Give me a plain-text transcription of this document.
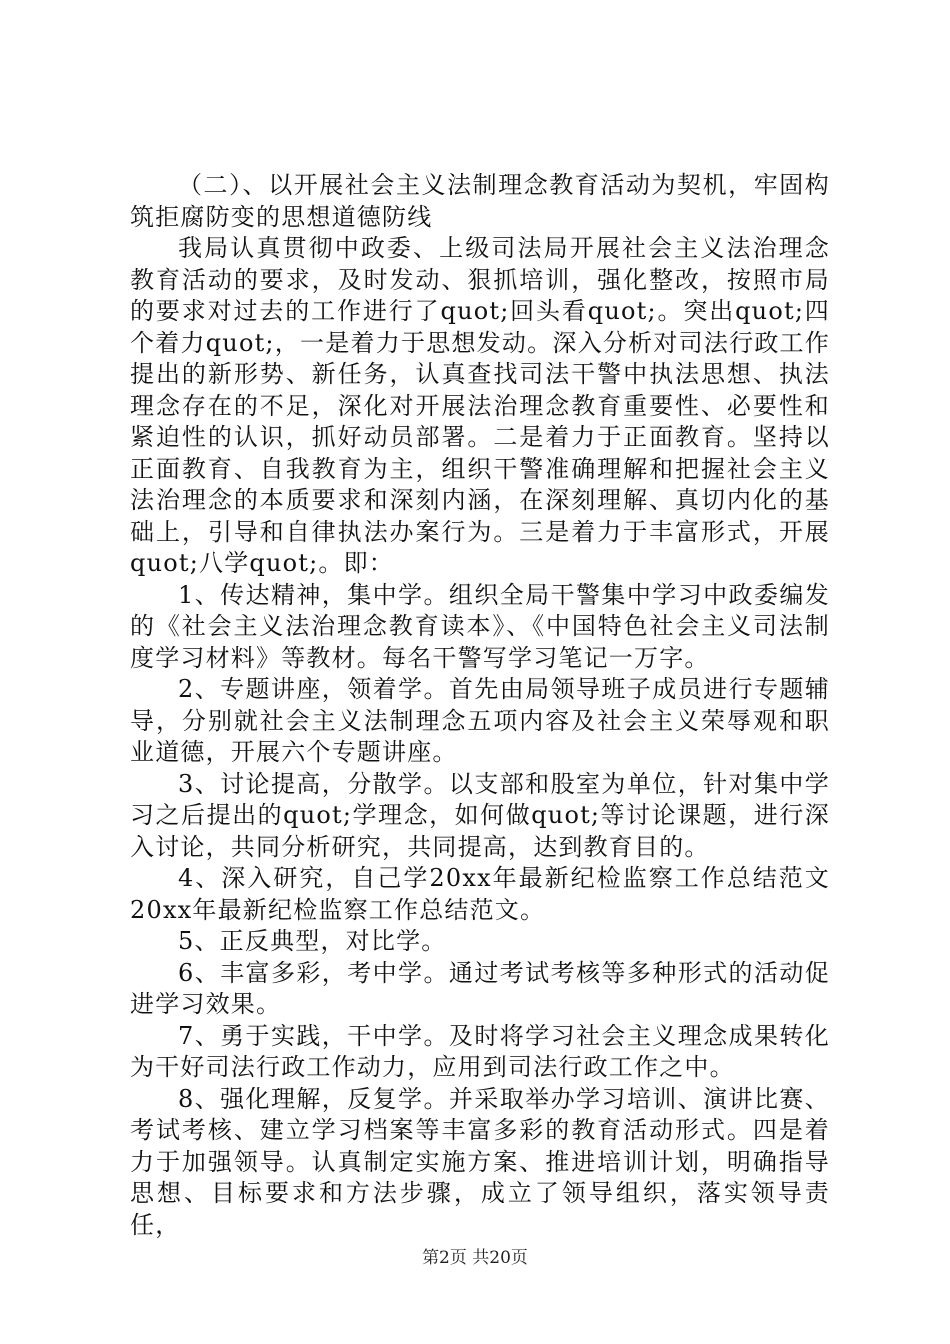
（二）、以开展社会主义法制理念教育活动为契机，牢固构筑拒腐防变的思想道德防线

我局认真贯彻中政委、上级司法局开展社会主义法治理念教育活动的要求，及时发动、狠抓培训，强化整改，按照市局的要求对过去的工作进行了quot;回头看quot;。突出quot;四个着力quot;，一是着力于思想发动。深入分析对司法行政工作提出的新形势、新任务，认真查找司法干警中执法思想、执法理念存在的不足，深化对开展法治理念教育重要性、必要性和紧迫性的认识，抓好动员部署。二是着力于正面教育。坚持以正面教育、自我教育为主，组织干警准确理解和把握社会主义法治理念的本质要求和深刻内涵，在深刻理解、真切内化的基础上，引导和自律执法办案行为。三是着力于丰富形式，开展quot;八学quot;。即：

1、传达精神，集中学。组织全局干警集中学习中政委编发的《社会主义法治理念教育读本》、《中国特色社会主义司法制度学习材料》等教材。每名干警写学习笔记一万字。

2、专题讲座，领着学。首先由局领导班子成员进行专题辅导，分别就社会主义法制理念五项内容及社会主义荣辱观和职业道德，开展六个专题讲座。

3、讨论提高，分散学。以支部和股室为单位，针对集中学习之后提出的quot;学理念，如何做quot;等讨论课题，进行深入讨论，共同分析研究，共同提高，达到教育目的。

4、深入研究，自己学20xx年最新纪检监察工作总结范文20xx年最新纪检监察工作总结范文。

5、正反典型，对比学。

6、丰富多彩，考中学。通过考试考核等多种形式的活动促进学习效果。

7、勇于实践，干中学。及时将学习社会主义理念成果转化为干好司法行政工作动力，应用到司法行政工作之中。

8、强化理解，反复学。并采取举办学习培训、演讲比赛、考试考核、建立学习档案等丰富多彩的教育活动形式。四是着力于加强领导。认真制定实施方案、推进培训计划，明确指导思想、目标要求和方法步骤，成立了领导组织，落实领导责任，

第2页 共20页
